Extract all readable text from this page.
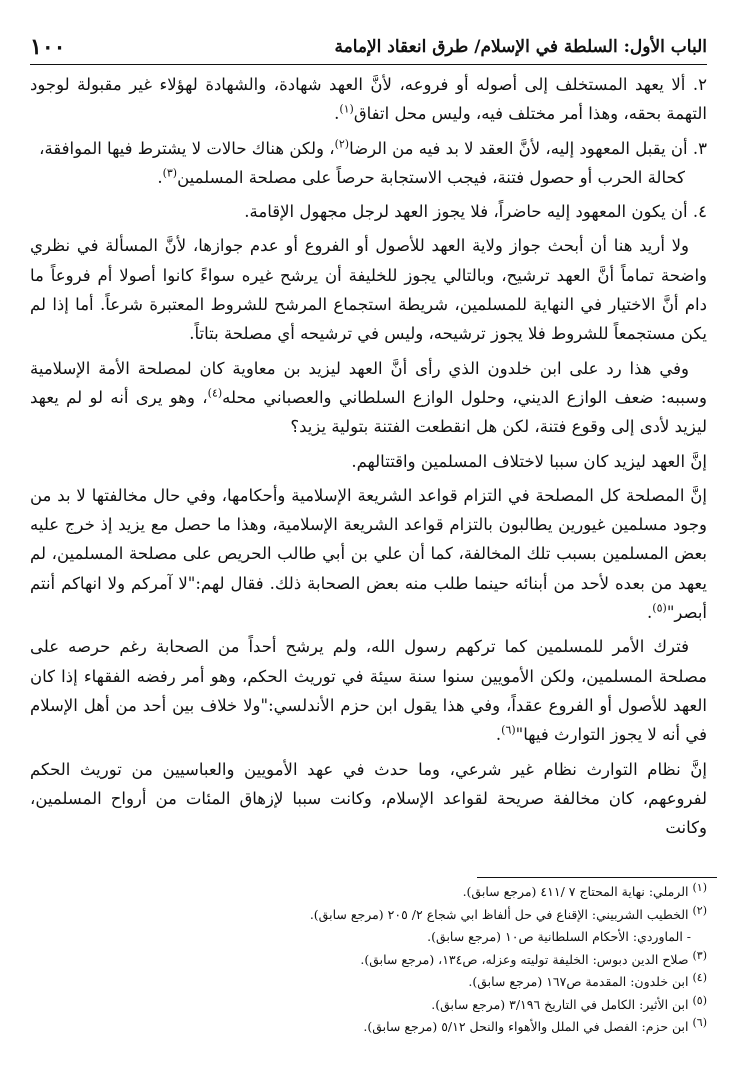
الباب الأول: السلطة في الإسلام/ طرق انعقاد الإمامة
١٠٠

٢. ألا يعهد المستخلف إلى أصوله أو فروعه، لأنَّ العهد شهادة، والشهادة لهؤلاء غير مقبولة لوجود التهمة بحقه، وهذا أمر مختلف فيه، وليس محل اتفاق$^{(١)}$.

٣. أن يقبل المعهود إليه، لأنَّ العقد لا بد فيه من الرضا$^{(٢)}$، ولكن هناك حالات لا يشترط فيها الموافقة،
كحالة الحرب أو حصول فتنة، فيجب الاستجابة حرصاً على مصلحة المسلمين$^{(٣)}$.

٤. أن يكون المعهود إليه حاضراً، فلا يجوز العهد لرجل مجهول الإقامة.

ولا أريد هنا أن أبحث جواز ولاية العهد للأصول أو الفروع أو عدم جوازها، لأنَّ المسألة في نظري واضحة تماماً أنَّ العهد ترشيح، وبالتالي يجوز للخليفة أن يرشح غيره سواءً كانوا أصولا أم فروعاً ما دام أنَّ الاختيار في النهاية للمسلمين، شريطة استجماع المرشح للشروط المعتبرة شرعاً. أما إذا لم يكن مستجمعاً للشروط فلا يجوز ترشيحه، وليس في ترشيحه أي مصلحة بتاتاً.

وفي هذا رد على ابن خلدون الذي رأى أنَّ العهد ليزيد بن معاوية كان لمصلحة الأمة الإسلامية وسببه: ضعف الوازع الديني، وحلول الوازع السلطاني والعصباني محله$^{(٤)}$، وهو يرى أنه لو لم يعهد ليزيد لأدى إلى وقوع فتنة، لكن هل انقطعت الفتنة بتولية يزيد؟

إنَّ العهد ليزيد كان سببا لاختلاف المسلمين واقتتالهم.

إنَّ المصلحة كل المصلحة في التزام قواعد الشريعة الإسلامية وأحكامها، وفي حال مخالفتها لا بد من وجود مسلمين غيورين يطالبون بالتزام قواعد الشريعة الإسلامية، وهذا ما حصل مع يزيد إذ خرج عليه بعض المسلمين بسبب تلك المخالفة، كما أن علي بن أبي طالب الحريص على مصلحة المسلمين، لم يعهد من بعده لأحد من أبنائه حينما طلب منه بعض الصحابة ذلك. فقال لهم:"لا آمركم ولا انهاكم أنتم أبصر"$^{(٥)}$.

فترك الأمر للمسلمين كما تركهم رسول الله، ولم يرشح أحداً من الصحابة رغم حرصه على مصلحة المسلمين، ولكن الأمويين سنوا سنة سيئة في توريث الحكم، وهو أمر رفضه الفقهاء إذا كان العهد للأصول أو الفروع عقداً، وفي هذا يقول ابن حزم الأندلسي:"ولا خلاف بين أحد من أهل الإسلام في أنه لا يجوز التوارث فيها"$^{(٦)}$.

إنَّ نظام التوارث نظام غير شرعي، وما حدث في عهد الأمويين والعباسيين من توريث الحكم لفروعهم، كان مخالفة صريحة لقواعد الإسلام، وكانت سببا لإزهاق المئات من أرواح المسلمين، وكانت

$^{(١)}$ الرملي: نهاية المحتاج ٧ /٤١١ (مرجع سابق).

$^{(٢)}$ الخطيب الشربيني: الإقناع في حل ألفاظ ابي شجاع ٢/ ٢٠٥ (مرجع سابق).

- الماوردي: الأحكام السلطانية ص١٠ (مرجع سابق).

$^{(٣)}$ صلاح الدين دبوس: الخليفة توليته وعزله، ص١٣٤، (مرجع سابق).

$^{(٤)}$ ابن خلدون: المقدمة ص١٦٧ (مرجع سابق).

$^{(٥)}$ ابن الأثير: الكامل في التاريخ ٣/١٩٦ (مرجع سابق).

$^{(٦)}$ ابن حزم: الفصل في الملل والأهواء والنحل ٥/١٢ (مرجع سابق).
